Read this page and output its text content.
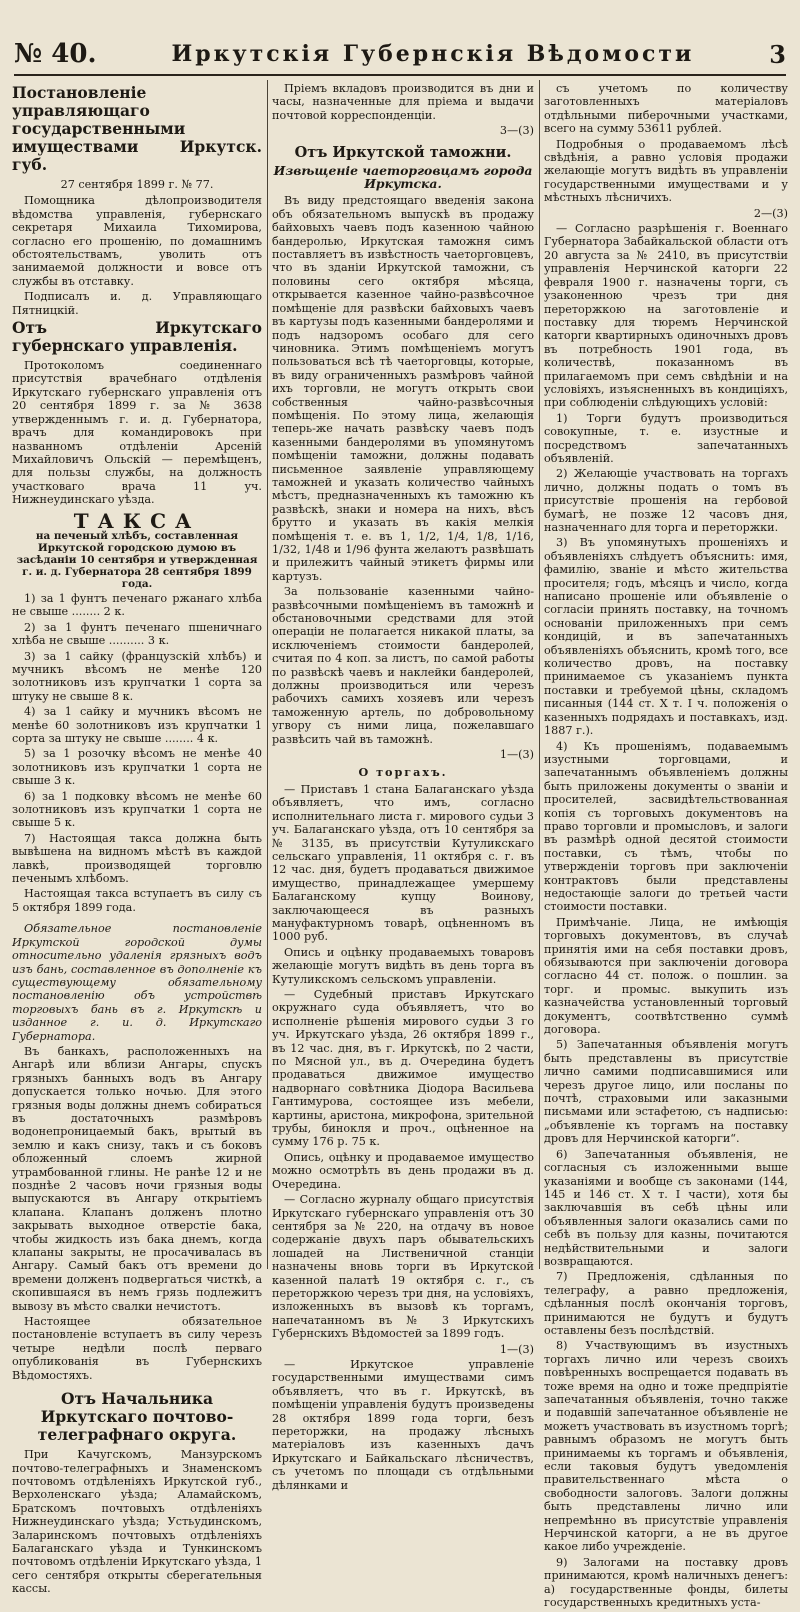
№ 40.	Иркутскія Губернскія Вѣдомости	3

Постановленіе управляющаго государственными имуществами Иркутск. губ.

27 сентября 1899 г. № 77.

Помощника дѣлопроизводителя вѣдомства управленія, губернскаго секретаря Михаила Тихомирова, согласно его прошенію, по домашнимъ обстоятельствамъ, уволить отъ занимаемой должности и вовсе отъ службы въ отставку.

Подписалъ и. д. Управляющаго Пятницкій.

Отъ Иркутскаго губернскаго управленія.

Протоколомъ соединеннаго присутствія врачебнаго отдѣленія Иркутскаго губернскаго управленія отъ 20 сентября 1899 г. за № 3638 утвержденнымъ г. и. д. Губернатора, врачъ для командировокъ при названномъ отдѣленіи Арсеній Михайловичъ Ольскій — перемѣщенъ, для пользы службы, на должность участковаго врача 11 уч. Нижнеудинскаго уѣзда.

ТАКСА

на печеный хлѣбъ, составленная Иркутской городскою думою въ засѣданіи 10 сентября и утвержденная г. и. д. Губернатора 28 сентября 1899 года.

1) за 1 фунтъ печенаго ржанаго хлѣба не свыше ........ 2 к.

2) за 1 фунтъ печенаго пшеничнаго хлѣба не свыше .......... 3 к.

3) за 1 сайку (французскій хлѣбъ) и мучникъ вѣсомъ не менѣе 120 золотниковъ изъ крупчатки 1 сорта за штуку не свыше 8 к.

4) за 1 сайку и мучникъ вѣсомъ не менѣе 60 золотниковъ изъ крупчатки 1 сорта за штуку не свыше ........ 4 к.

5) за 1 розочку вѣсомъ не менѣе 40 золотниковъ изъ крупчатки 1 сорта не свыше 3 к.

6) за 1 подковку вѣсомъ не менѣе 60 золотниковъ изъ крупчатки 1 сорта не свыше 5 к.

7) Настоящая такса должна быть вывѣшена на видномъ мѣстѣ въ каждой лавкѣ, производящей торговлю печенымъ хлѣбомъ.

Настоящая такса вступаетъ въ силу съ 5 октября 1899 года.

Обязательное постановленіе Иркутской городской думы относительно удаленія грязныхъ водъ изъ бань, составленное въ дополненіе къ существующему обязательному постановленію объ устройствѣ торговыхъ бань въ г. Иркутскѣ и изданное г. и. д. Иркутскаго Губернатора.

Въ банкахъ, расположенныхъ на Ангарѣ или вблизи Ангары, спускъ грязныхъ банныхъ водъ въ Ангару допускается только ночью. Для этого грязныя воды должны днемъ собираться въ достаточныхъ размѣровъ водонепроницаемый бакъ, врытый въ землю и какъ снизу, такъ и съ боковъ обложенный слоемъ жирной утрамбованной глины. Не ранѣе 12 и не позднѣе 2 часовъ ночи грязныя воды выпускаются въ Ангару открытіемъ клапана. Клапанъ долженъ плотно закрывать выходное отверстіе бака, чтобы жидкость изъ бака днемъ, когда клапаны закрыты, не просачивалась въ Ангару. Самый бакъ отъ времени до времени долженъ подвергаться чисткѣ, а скопившаяся въ немъ грязь подлежитъ вывозу въ мѣсто свалки нечистотъ.

Настоящее обязательное постановленіе вступаетъ въ силу черезъ четыре недѣли послѣ перваго опубликованія въ Губернскихъ Вѣдомостяхъ.

Отъ Начальника Иркутскаго почтово-телеграфнаго округа.

При Качугскомъ, Манзурскомъ почтово-телеграфныхъ и Знаменскомъ почтовомъ отдѣленіяхъ Иркутской губ., Верхоленскаго уѣзда; Аламайскомъ, Братскомъ почтовыхъ отдѣленіяхъ Нижнеудинскаго уѣзда; Устьудинскомъ, Заларинскомъ почтовыхъ отдѣленіяхъ Балаганскаго уѣзда и Тункинскомъ почтовомъ отдѣленіи Иркутскаго уѣзда, 1 сего сентября открыты сберегательныя кассы.

Пріемъ вкладовъ производится въ дни и часы, назначенные для пріема и выдачи почтовой корреспонденціи.

3—(3)

Отъ Иркутской таможни.

Извѣщеніе чаеторговцамъ города Иркутска.

Въ виду предстоящаго введенія закона объ обязательномъ выпускѣ въ продажу байховыхъ чаевъ подъ казенною чайною бандеролью, Иркутская таможня симъ поставляетъ въ извѣстность чаеторговцевъ, что въ зданіи Иркутской таможни, съ половины сего октября мѣсяца, открывается казенное чайно-развѣсочное помѣщеніе для развѣски байховыхъ чаевъ въ картузы подъ казенными бандеролями и подъ надзоромъ особаго для сего чиновника. Этимъ помѣщеніемъ могутъ пользоваться всѣ тѣ чаеторговцы, которые, въ виду ограниченныхъ размѣровъ чайной ихъ торговли, не могутъ открыть свои собственныя чайно-развѣсочныя помѣщенія. По этому лица, желающія теперь-же начать развѣску чаевъ подъ казенными бандеролями въ упомянутомъ помѣщеніи таможни, должны подавать письменное заявленіе управляющему таможней и указать количество чайныхъ мѣстъ, предназначенныхъ къ таможню къ развѣскѣ, знаки и номера на нихъ, вѣсъ брутто и указать въ какія мелкія помѣщенія т. е. въ 1, 1/2, 1/4, 1/8, 1/16, 1/32, 1/48 и 1/96 фунта желаютъ развѣшать и прилежитъ чайный этикетъ фирмы или картузъ.

За пользованіе казенными чайно-развѣсочными помѣщеніемъ въ таможнѣ и обстановочными средствами для этой операціи не полагается никакой платы, за исключеніемъ стоимости бандеролей, считая по 4 коп. за листъ, по самой работы по развѣскѣ чаевъ и наклейки бандеролей, должны производиться или черезъ рабочихъ самихъ хозяевъ или черезъ таможенную артель, по добровольному угвору съ ними лица, пожелавшаго развѣсить чай въ таможнѣ.

1—(3)

О торгахъ.

— Приставъ 1 стана Балаганскаго уѣзда объявляетъ, что имъ, согласно исполнительнаго листа г. мирового судьи 3 уч. Балаганскаго уѣзда, отъ 10 сентября за № 3135, въ присутствіи Кутуликскаго сельскаго управленія, 11 октября с. г. въ 12 час. дня, будетъ продаваться движимое имущество, принадлежащее умершему Балаганскому купцу Воинову, заключающееся въ разныхъ мануфактурномъ товарѣ, оцѣненномъ въ 1000 руб.

Опись и оцѣнку продаваемыхъ товаровъ желающіе могутъ видѣть въ день торга въ Кутуликскомъ сельскомъ управленіи.

— Судебный приставъ Иркутскаго окружнаго суда объявляетъ, что во исполненіе рѣшенія мирового судьи 3 го уч. Иркутскаго уѣзда, 26 октября 1899 г., въ 12 час. дня, въ г. Иркутскѣ, по 2 части, по Мясной ул., въ д. Очередина будетъ продаваться движимое имущество надворнаго совѣтника Діодора Васильева Гантимурова, состоящее изъ мебели, картины, аристона, микрофона, зрительной трубы, бинокля и проч., оцѣненное на сумму 176 р. 75 к.

Опись, оцѣнку и продаваемое имущество можно осмотрѣть въ день продажи въ д. Очередина.

— Согласно журналу общаго присутствія Иркутскаго губернскаго управленія отъ 30 сентября за № 220, на отдачу въ новое содержаніе двухъ паръ обывательскихъ лошадей на Лиственичной станціи назначены вновь торги въ Иркутской казенной палатѣ 19 октября с. г., съ переторжкою черезъ три дня, на условіяхъ, изложенныхъ въ вызовѣ къ торгамъ, напечатанномъ въ № 3 Иркутскихъ Губернскихъ Вѣдомостей за 1899 годъ.

1—(3)

— Иркутское управленіе государственными имуществами симъ объявляетъ, что въ г. Иркутскѣ, въ помѣщеніи управленія будутъ произведены 28 октября 1899 года торги, безъ переторжки, на продажу лѣсныхъ матеріаловъ изъ казенныхъ дачъ Иркутскаго и Байкальскаго лѣсничествъ, съ учетомъ по площади съ отдѣльными дѣлянками и

съ учетомъ по количеству заготовленныхъ матеріаловъ отдѣльными пиберочными участками, всего на сумму 53611 рублей.

Подробныя о продаваемомъ лѣсѣ свѣдѣнія, а равно условія продажи желающіе могутъ видѣть въ управленіи государственными имуществами и у мѣстныхъ лѣсничихъ.

2—(3)

— Согласно разрѣшенія г. Военнаго Губернатора Забайкальской области отъ 20 августа за № 2410, въ присутствіи управленія Нерчинской каторги 22 февраля 1900 г. назначены торги, съ узаконенною чрезъ три дня переторжкою на заготовленіе и поставку для тюремъ Нерчинской каторги квартирныхъ одиночныхъ дровъ въ потребность 1901 года, въ количествѣ, показанномъ въ прилагаемомъ при семъ свѣдѣніи и на условіяхъ, изъясненныхъ въ кондиціяхъ, при соблюденіи слѣдующихъ условій:

1) Торги будутъ производиться совокупные, т. е. изустные и посредствомъ запечатанныхъ объявленій.

2) Желающіе участвовать на торгахъ лично, должны подать о томъ въ присутствіе прошенія на гербовой бумагѣ, не позже 12 часовъ дня, назначеннаго для торга и переторжки.

3) Въ упомянутыхъ прошеніяхъ и объявленіяхъ слѣдуетъ объяснить: имя, фамилію, званіе и мѣсто жительства просителя; годъ, мѣсяцъ и число, когда написано прошеніе или объявленіе о согласіи принять поставку, на точномъ основаніи приложенныхъ при семъ кондицій, и въ запечатанныхъ объявленіяхъ объяснить, кромѣ того, все количество дровъ, на поставку принимаемое съ указаніемъ пункта поставки и требуемой цѣны, складомъ писанныя (144 ст. X т. I ч. положенія о казенныхъ подрядахъ и поставкахъ, изд. 1887 г.).

4) Къ прошеніямъ, подаваемымъ изустными торговцами, и запечатаннымъ объявленіемъ должны быть приложены документы о званіи и просителей, засвидѣтельствованная копія съ торговыхъ документовъ на право торговли и промысловъ, и залоги въ размѣрѣ одной десятой стоимости поставки, съ тѣмъ, чтобы по утвержденіи торговъ при заключеніи контрактовъ были представлены недостающіе залоги до третьей части стоимости поставки.

Примѣчаніе. Лица, не имѣющія торговыхъ документовъ, въ случаѣ принятія ими на себя поставки дровъ, обязываются при заключеніи договора согласно 44 ст. полож. о пошлин. за торг. и промыс. выкупить изъ казначейства установленный торговый документъ, соотвѣтственно суммѣ договора.

5) Запечатанныя объявленія могутъ быть представлены въ присутствіе лично самими подписавшимися или черезъ другое лицо, или посланы по почтѣ, страховыми или заказными письмами или эстафетою, съ надписью: „объявленіе къ торгамъ на поставку дровъ для Нерчинской каторги“.

6) Запечатанныя объявленія, не согласныя съ изложенными выше указаніями и вообще съ законами (144, 145 и 146 ст. X т. I части), хотя бы заключавшія въ себѣ цѣны или объявленныя залоги оказались сами по себѣ въ пользу для казны, почитаются недѣйствительными и залоги возвращаются.

7) Предложенія, сдѣланныя по телеграфу, а равно предложенія, сдѣланныя послѣ окончанія торговъ, принимаются не будутъ и будутъ оставлены безъ послѣдствій.

8) Участвующимъ въ изустныхъ торгахъ лично или черезъ своихъ повѣренныхъ воспрещается подавать въ тоже время на одно и тоже предпріятіе запечатанныя объявленія, точно также и подавшій запечатанное объявленіе не можетъ участвовать въ изустномъ торгѣ; равнымъ образомъ не могутъ быть принимаемы къ торгамъ и объявленія, если таковыя будутъ уведомленія правительственнаго мѣста о свободности залоговъ. Залоги должны быть представлены лично или непремѣнно въ присутствіе управленія Нерчинской каторги, а не въ другое какое либо учрежденіе.

9) Залогами на поставку дровъ принимаются, кромѣ наличныхъ денегъ: а) государственные фонды, билеты государственныхъ кредитныхъ уста-
